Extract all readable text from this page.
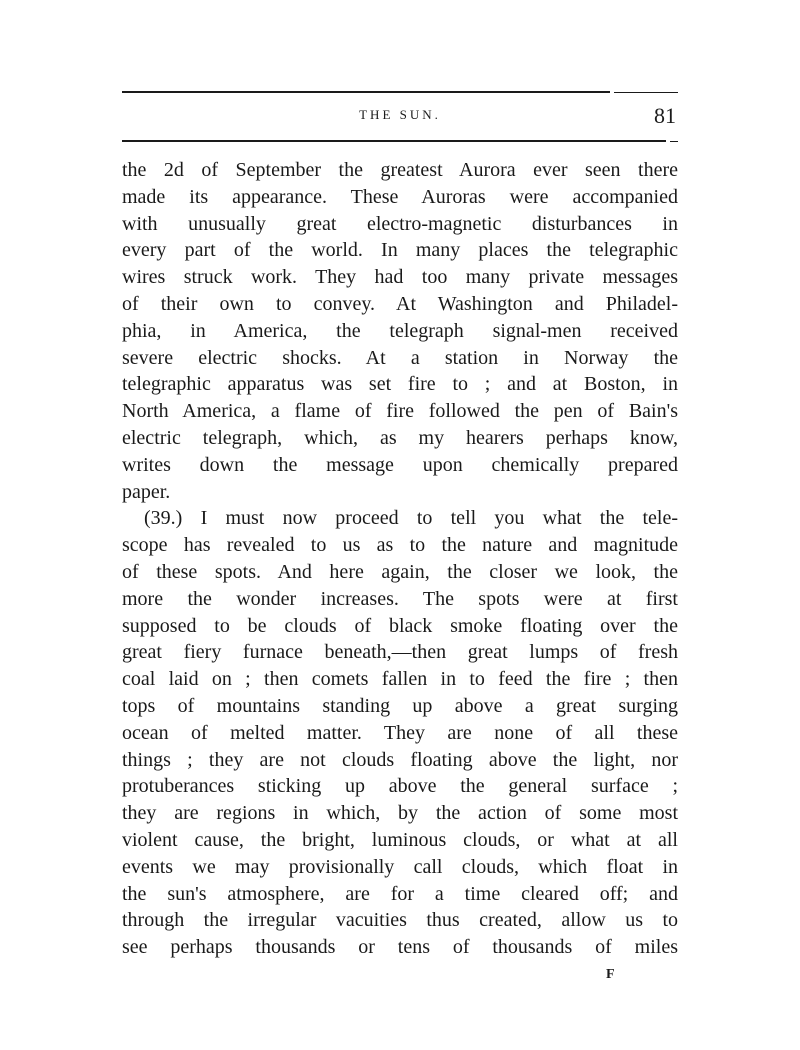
THE SUN.	81
the 2d of September the greatest Aurora ever seen there
made its appearance. These Auroras were accompanied
with unusually great electro-magnetic disturbances in
every part of the world. In many places the telegraphic
wires struck work. They had too many private messages
of their own to convey. At Washington and Philadel-
phia, in America, the telegraph signal-men received
severe electric shocks. At a station in Norway the
telegraphic apparatus was set fire to ; and at Boston, in
North America, a flame of fire followed the pen of Bain's
electric telegraph, which, as my hearers perhaps know,
writes down the message upon chemically prepared
paper.
(39.) I must now proceed to tell you what the tele-
scope has revealed to us as to the nature and magnitude
of these spots. And here again, the closer we look, the
more the wonder increases. The spots were at first
supposed to be clouds of black smoke floating over the
great fiery furnace beneath,—then great lumps of fresh
coal laid on ; then comets fallen in to feed the fire ; then
tops of mountains standing up above a great surging
ocean of melted matter. They are none of all these
things ; they are not clouds floating above the light, nor
protuberances sticking up above the general surface ;
they are regions in which, by the action of some most
violent cause, the bright, luminous clouds, or what at all
events we may provisionally call clouds, which float in
the sun's atmosphere, are for a time cleared off; and
through the irregular vacuities thus created, allow us to
see perhaps thousands or tens of thousands of miles
F
